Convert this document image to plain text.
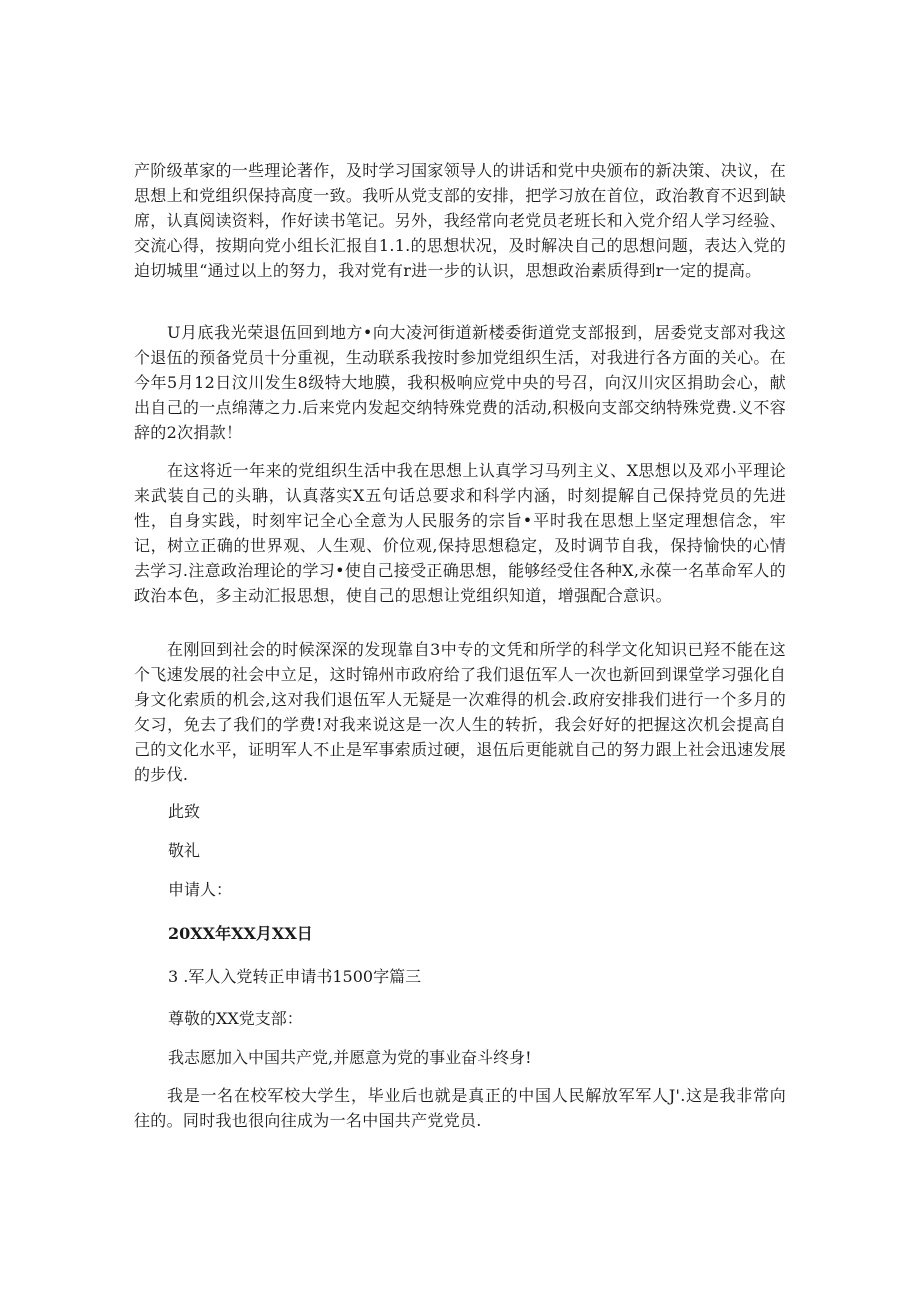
产阶级革家的一些理论著作，及时学习国家领导人的讲话和党中央颁布的新决策、决议，在思想上和党组织保持高度一致。我听从党支部的安排，把学习放在首位，政治教育不迟到缺席，认真阅读资料，作好读书笔记。另外，我经常向老党员老班长和入党介绍人学习经验、交流心得，按期向党小组长汇报自1.1.的思想状况，及时解决自己的思想问题，表达入党的迫切城里“通过以上的努力，我对党有r进一步的认识，思想政治素质得到r一定的提高。

U月底我光荣退伍回到地方•向大凌河街道新楼委街道党支部报到，居委党支部对我这个退伍的预备党员十分重视，生动联系我按时参加党组织生活，对我进行各方面的关心。在今年5月12日汶川发生8级特大地膜，我积极响应党中央的号召，向汉川灾区捐助会心，献出自己的一点绵薄之力.后来党内发起交纳特殊党费的活动,积极向支部交纳特殊党费.义不容辞的2次捐款！

在这将近一年来的党组织生活中我在思想上认真学习马列主义、X思想以及邓小平理论来武装自己的头聃，认真落实X五句话总要求和科学内涵，时刻提解自己保持党员的先进性，自身实践，时刻牢记全心全意为人民服务的宗旨•平时我在思想上坚定理想信念，牢记，树立正确的世界观、人生观、价位观,保持思想稳定，及时调节自我，保持愉快的心情去学习.注意政治理论的学习•使自己接受正确思想，能够经受住各种X,永葆一名革命军人的政治本色，多主动汇报思想，使自己的思想让党组织知道，增强配合意识。

在刚回到社会的时候深深的发现靠自3中专的文凭和所学的科学文化知识已羟不能在这个飞速发展的社会中立足，这时锦州市政府给了我们退伍军人一次也新回到课堂学习强化自身文化索质的机会,这对我们退伍军人无疑是一次难得的机会.政府安排我们进行一个多月的攵习，免去了我们的学费!对我来说这是一次人生的转折，我会好好的把握这次机会提高自己的文化水平，证明军人不止是军事索质过硬，退伍后更能就自己的努力跟上社会迅速发展的步伐.

此致

敬礼

申请人：

20XX年XX月XX日

3 .军人入党转正申请书1500字篇三

尊敬的XX党支部：

我志愿加入中国共产党,并愿意为党的事业奋斗终身!

我是一名在校军校大学生，毕业后也就是真正的中国人民解放军军人J'.这是我非常向往的。同时我也很向往成为一名中国共产党党员.
